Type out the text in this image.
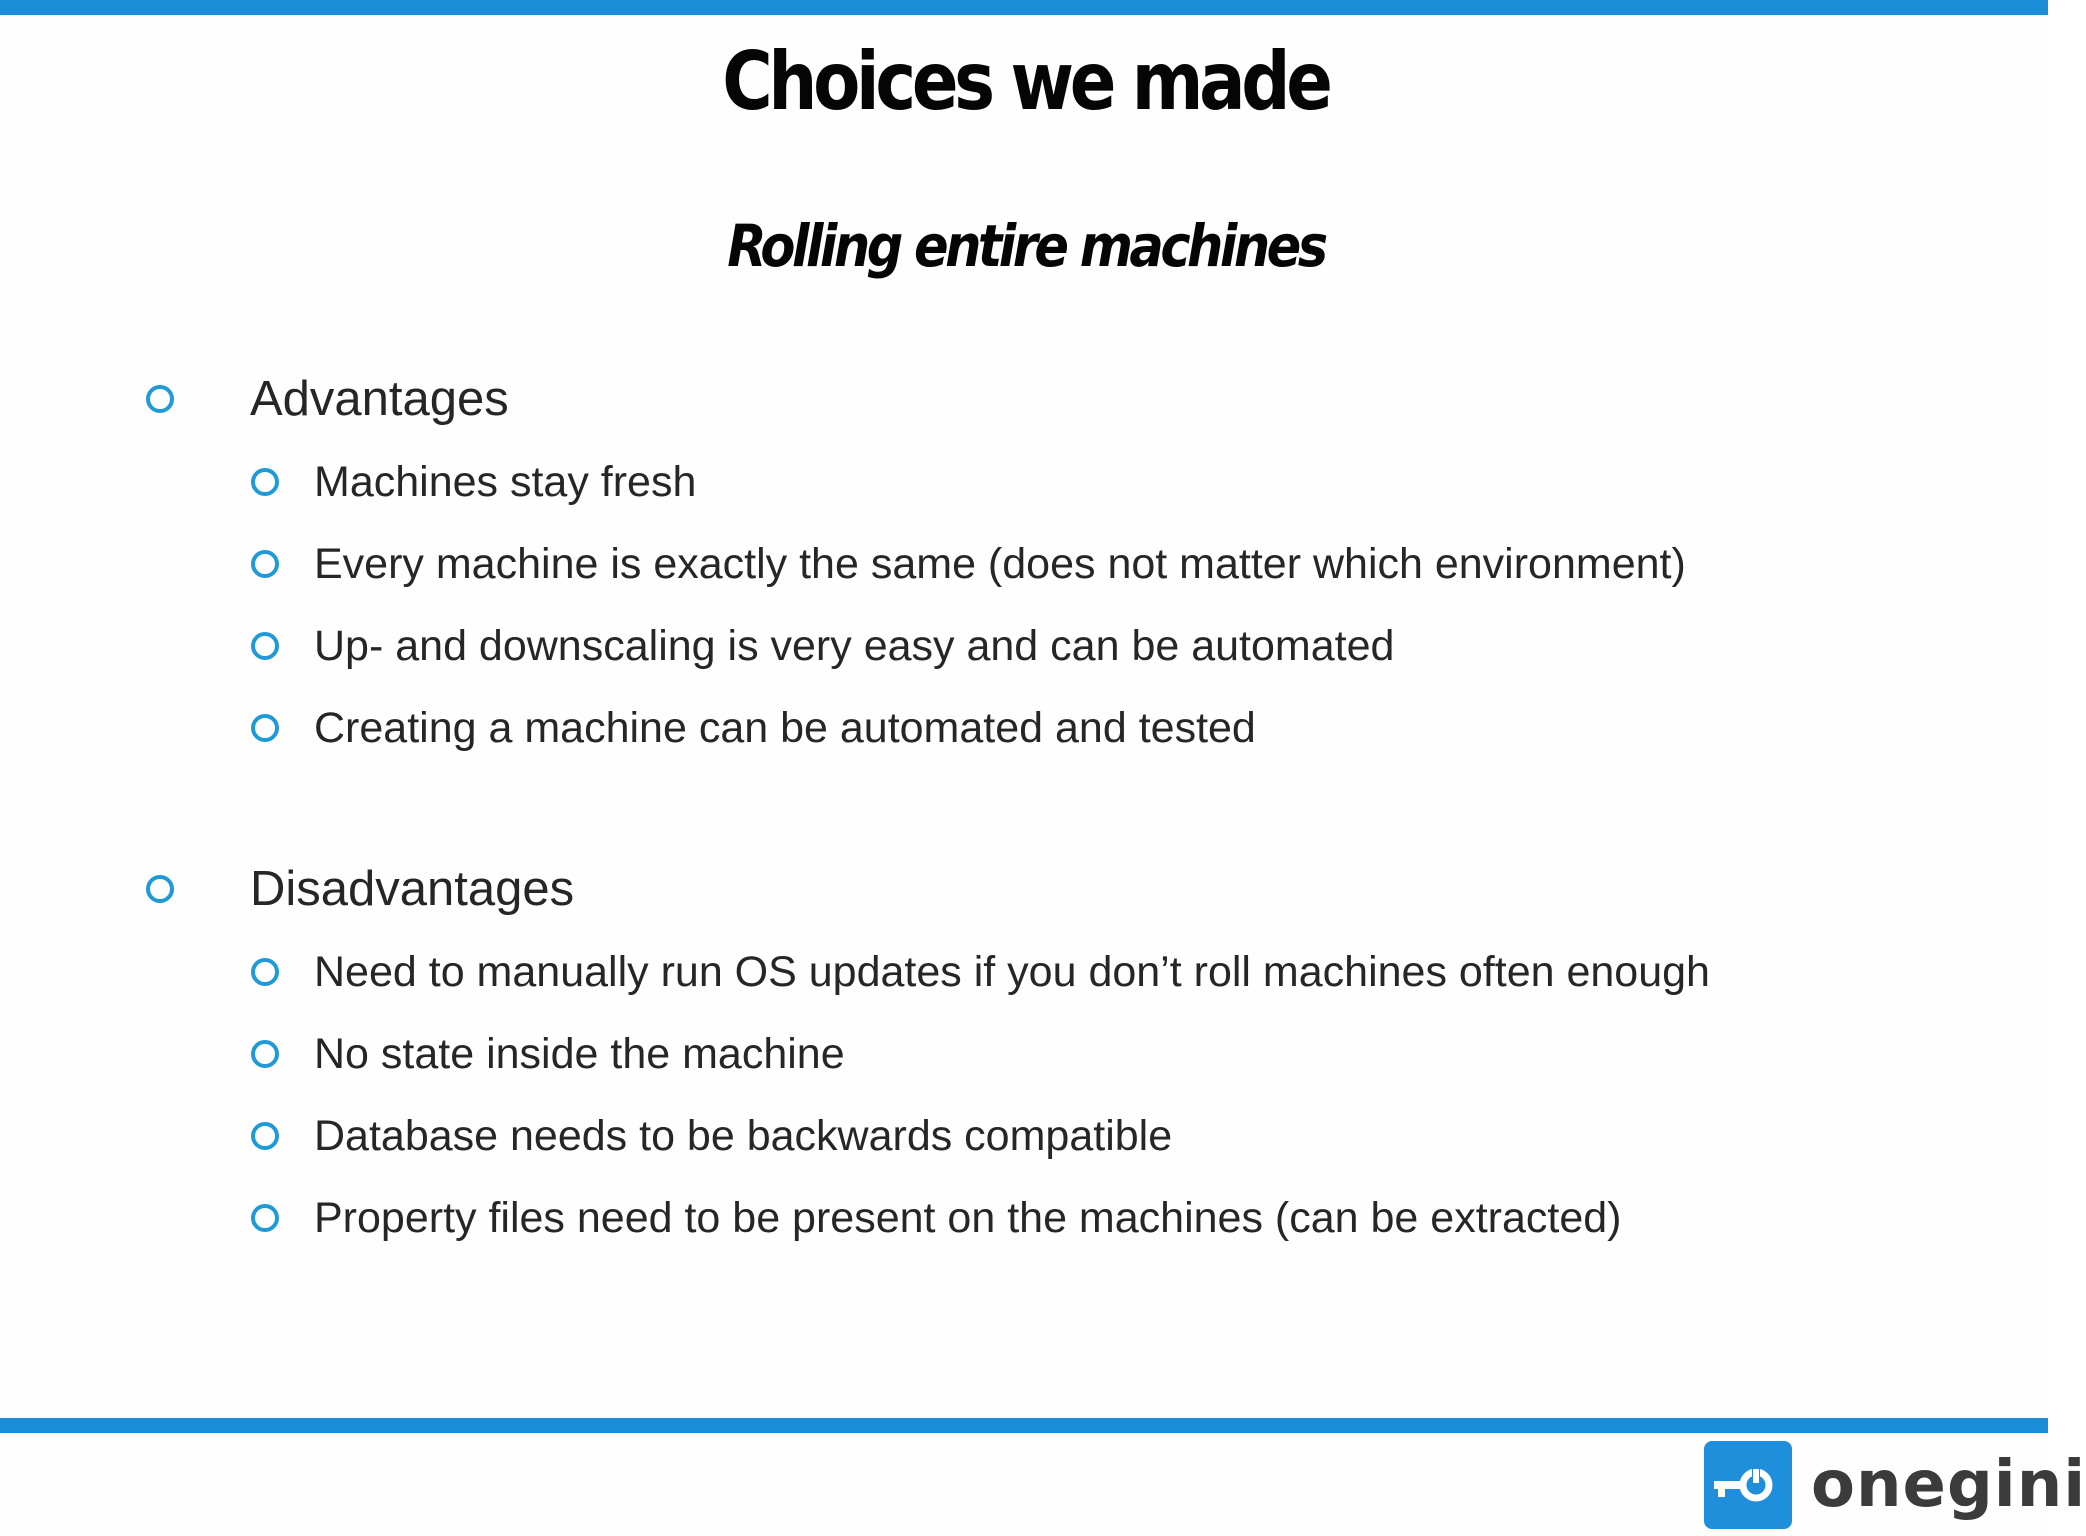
Choices we made
Rolling entire machines
Advantages
Machines stay fresh
Every machine is exactly the same (does not matter which environment)
Up- and downscaling is very easy and can be automated
Creating a machine can be automated and tested
Disadvantages
Need to manually run OS updates if you don’t roll machines often enough
No state inside the machine
Database needs to be backwards compatible
Property files need to be present on the machines (can be extracted)
onegini
